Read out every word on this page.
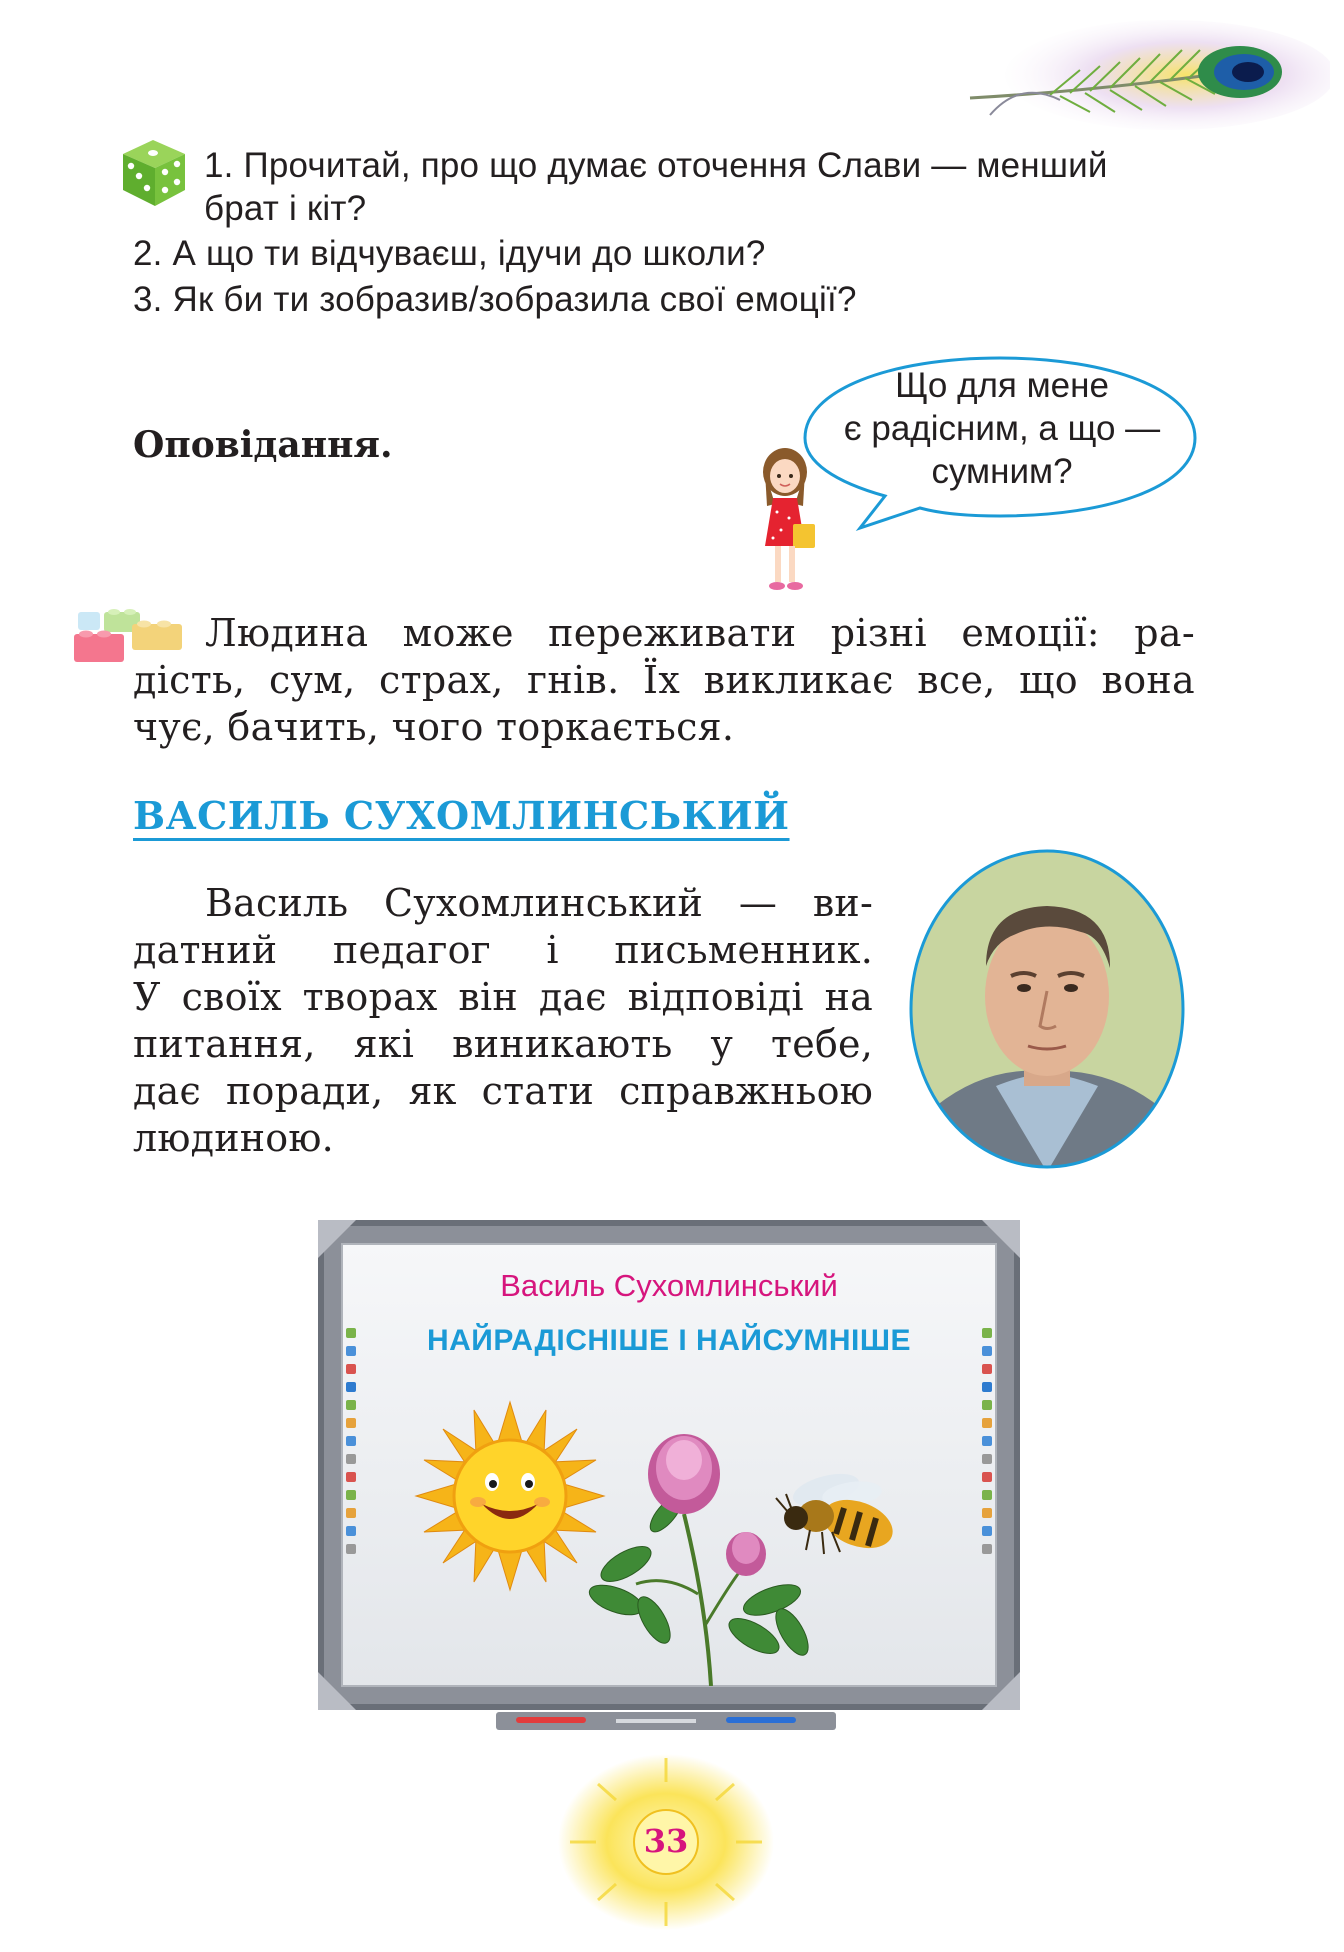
1. Прочитай, про що думає оточення Слави — менший
брат і кіт?
2. А що ти відчуваєш, ідучи до школи?
3. Як би ти зобразив/зобразила свої емоції?
Оповідання.
Що для мене
є радісним, а що —
сумним?
Людина може переживати різні емоції: ра-
дість, сум, страх, гнів. Їх викликає все, що вона
чує, бачить, чого торкається.
ВАСИЛЬ СУХОМЛИНСЬКИЙ
Василь Сухомлинський — ви-
датний педагог і письменник.
У своїх творах він дає відповіді на
питання, які виникають у тебе,
дає поради, як стати справжньою
людиною.
Василь Сухомлинський
НАЙРАДІСНІШЕ І НАЙСУМНІШЕ
33
